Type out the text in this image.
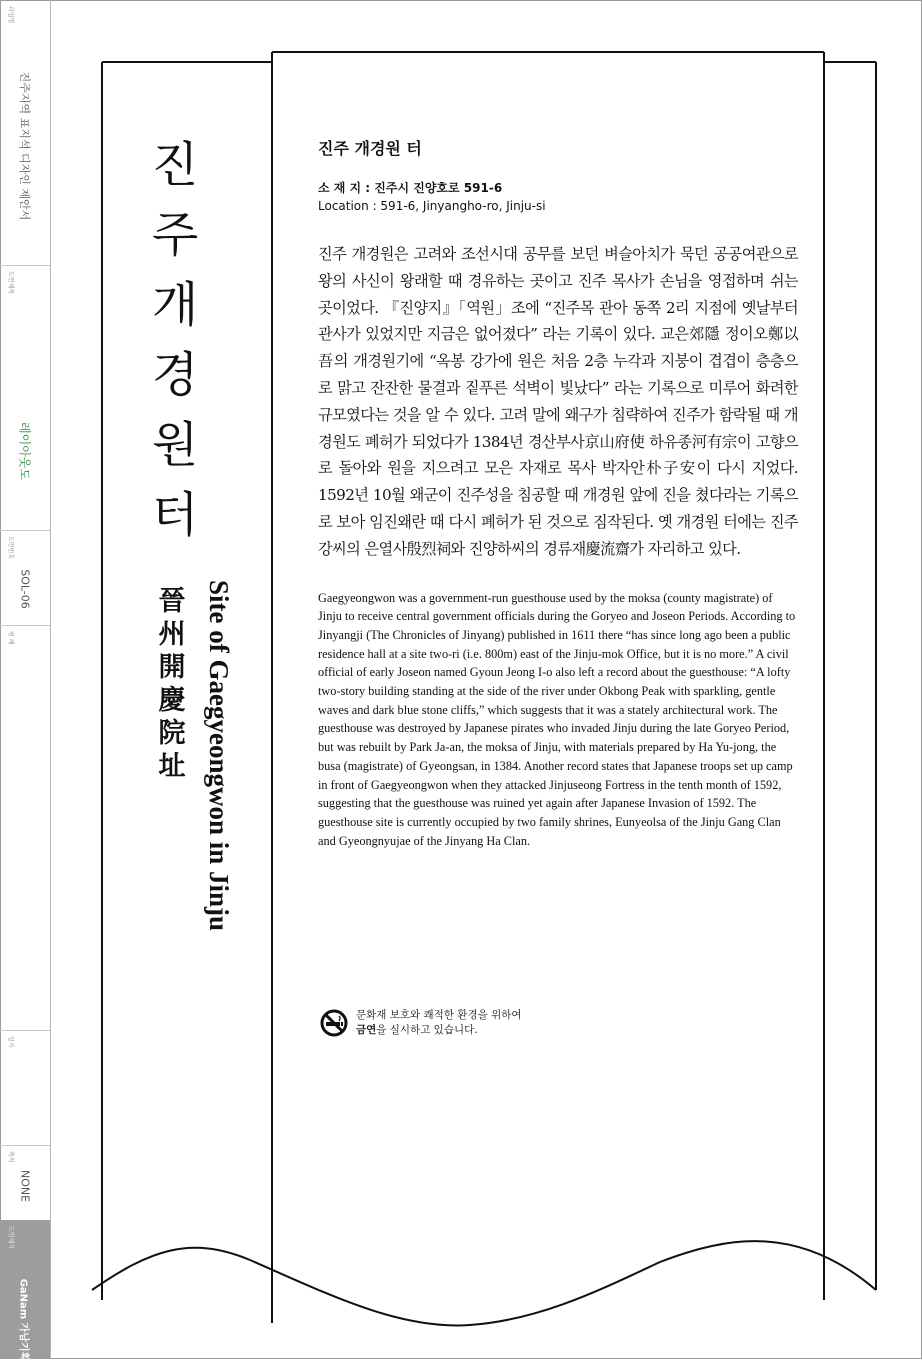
과업명
진주지역 표지석 디자인 제안서
도면제목
레이아웃도
도면번호
SOL-06
범 례
일자
축척
NONE
도면제작
GaNam 가남기획
진
주
개
경
원
터
晉
州
開
慶
院
址 Site of Gaegyeongwon in Jinju
진주 개경원 터
소 재 지 : 진주시 진양호로 591-6
Location : 591-6, Jinyangho-ro, Jinju-si

진주 개경원은 고려와 조선시대 공무를 보던 벼슬아치가 묵던 공공여관으로 왕의 사신이 왕래할 때 경유하는 곳이고 진주 목사가 손님을 영접하며 쉬는 곳이었다. 『진양지』「역원」조에 “진주목 관아 동쪽 2리 지점에 옛날부터 관사가 있었지만 지금은 없어졌다” 라는 기록이 있다. 교은郊隱 정이오鄭以吾의 개경원기에 “옥봉 강가에 원은 처음 2층 누각과 지붕이 겹겹이 층층으로 맑고 잔잔한 물결과 짙푸른 석벽이 빛났다” 라는 기록으로 미루어 화려한 규모였다는 것을 알 수 있다. 고려 말에 왜구가 침략하여 진주가 함락될 때 개경원도 폐허가 되었다가 1384년 경산부사京山府使 하유종河有宗이 고향으로 돌아와 원을 지으려고 모은 자재로 목사 박자안朴子安이 다시 지었다. 1592년 10월 왜군이 진주성을 침공할 때 개경원 앞에 진을 쳤다라는 기록으로 보아 임진왜란 때 다시 폐허가 된 것으로 짐작된다. 옛 개경원 터에는 진주강씨의 은열사殷烈祠와 진양하씨의 경류재慶流齋가 자리하고 있다.

Gaegyeongwon was a government-run guesthouse used by the moksa (county magistrate) of Jinju to receive central government officials during the Goryeo and Joseon Periods. According to Jinyangji (The Chronicles of Jinyang) published in 1611 there “has since long ago been a public residence hall at a site two-ri (i.e. 800m) east of the Jinju-mok Office, but it is no more.” A civil official of early Joseon named Gyoun Jeong I-o also left a record about the guesthouse: “A lofty two-story building standing at the side of the river under Okbong Peak with sparkling, gentle waves and dark blue stone cliffs,” which suggests that it was a stately architectural work. The guesthouse was destroyed by Japanese pirates who invaded Jinju during the late Goryeo Period, but was rebuilt by Park Ja-an, the moksa of Jinju, with materials prepared by Ha Yu-jong, the busa (magistrate) of Gyeongsan, in 1384. Another record states that Japanese troops set up camp in front of Gaegyeongwon when they attacked Jinjuseong Fortress in the tenth month of 1592, suggesting that the guesthouse was ruined yet again after Japanese Invasion of 1592. The guesthouse site is currently occupied by two family shrines, Eunyeolsa of the Jinju Gang Clan and Gyeongnyujae of the Jinyang Ha Clan.

문화재 보호와 쾌적한 환경을 위하여
금연을 실시하고 있습니다.
